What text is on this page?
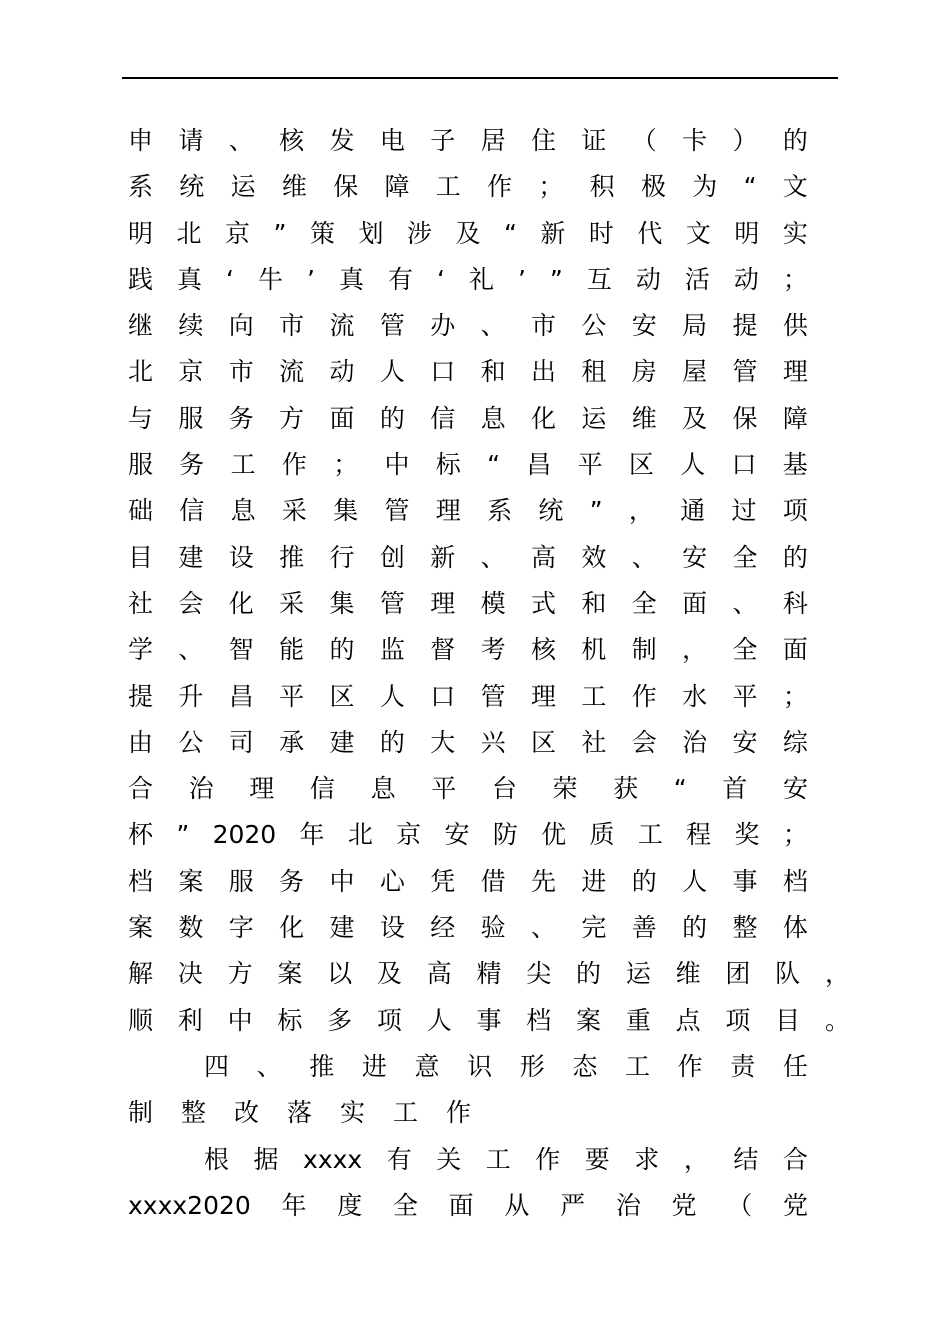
申 请 、 核 发 电 子 居 住 证 （ 卡 ） 的
系 统 运 维 保 障 工 作 ； 积 极 为 “ 文
明 北 京 ” 策 划 涉 及 “ 新 时 代 文 明 实
践 真 ‘ 牛 ’ 真 有 ‘ 礼 ’ ” 互 动 活 动 ；
继 续 向 市 流 管 办 、 市 公 安 局 提 供
北 京 市 流 动 人 口 和 出 租 房 屋 管 理
与 服 务 方 面 的 信 息 化 运 维 及 保 障
服 务 工 作 ； 中 标 “ 昌 平 区 人 口 基
础 信 息 采 集 管 理 系 统 ” ， 通 过 项
目 建 设 推 行 创 新 、 高 效 、 安 全 的
社 会 化 采 集 管 理 模 式 和 全 面 、 科
学 、 智 能 的 监 督 考 核 机 制 ， 全 面
提 升 昌 平 区 人 口 管 理 工 作 水 平 ；
由 公 司 承 建 的 大 兴 区 社 会 治 安 综
合 治 理 信 息 平 台 荣 获 “ 首 安
杯 ” 2020 年 北 京 安 防 优 质 工 程 奖 ；
档 案 服 务 中 心 凭 借 先 进 的 人 事 档
案 数 字 化 建 设 经 验 、 完 善 的 整 体
解 决 方 案 以 及 高 精 尖 的 运 维 团 队 ，
顺 利 中 标 多 项 人 事 档 案 重 点 项 目 。
四 、 推 进 意 识 形 态 工 作 责 任
制整改落实工作
根 据 xxxx 有 关 工 作 要 求 ， 结 合
xxxx2020 年 度 全 面 从 严 治 党 （ 党
